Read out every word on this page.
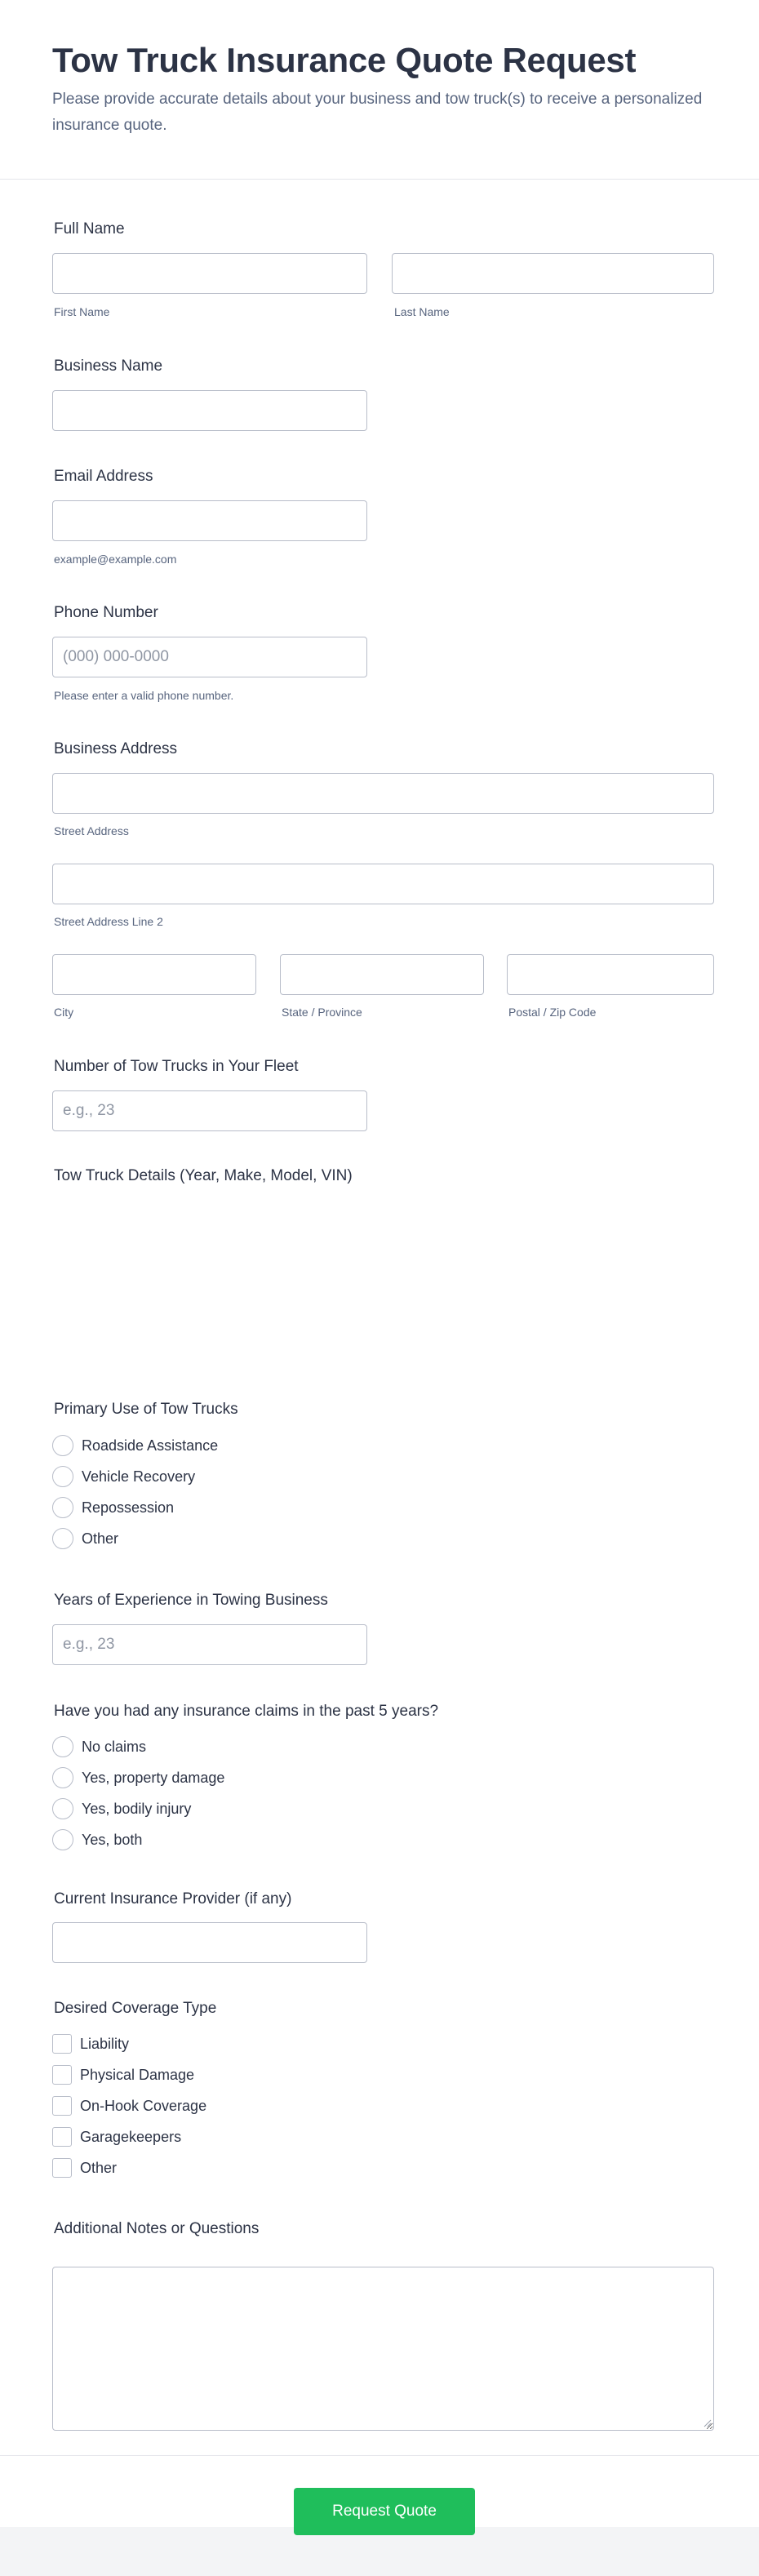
Tow Truck Insurance Quote Request
Please provide accurate details about your business and tow truck(s) to receive a personalized insurance quote.
Full Name
First Name	Last Name
Business Name
Email Address
example@example.com
Phone Number
(000) 000-0000
Please enter a valid phone number.
Business Address
Street Address
Street Address Line 2
City	State / Province	Postal / Zip Code
Number of Tow Trucks in Your Fleet
e.g., 23
Tow Truck Details (Year, Make, Model, VIN)
Primary Use of Tow Trucks
Roadside Assistance
Vehicle Recovery
Repossession
Other
Years of Experience in Towing Business
e.g., 23
Have you had any insurance claims in the past 5 years?
No claims
Yes, property damage
Yes, bodily injury
Yes, both
Current Insurance Provider (if any)
Desired Coverage Type
Liability
Physical Damage
On-Hook Coverage
Garagekeepers
Other
Additional Notes or Questions
Request Quote
